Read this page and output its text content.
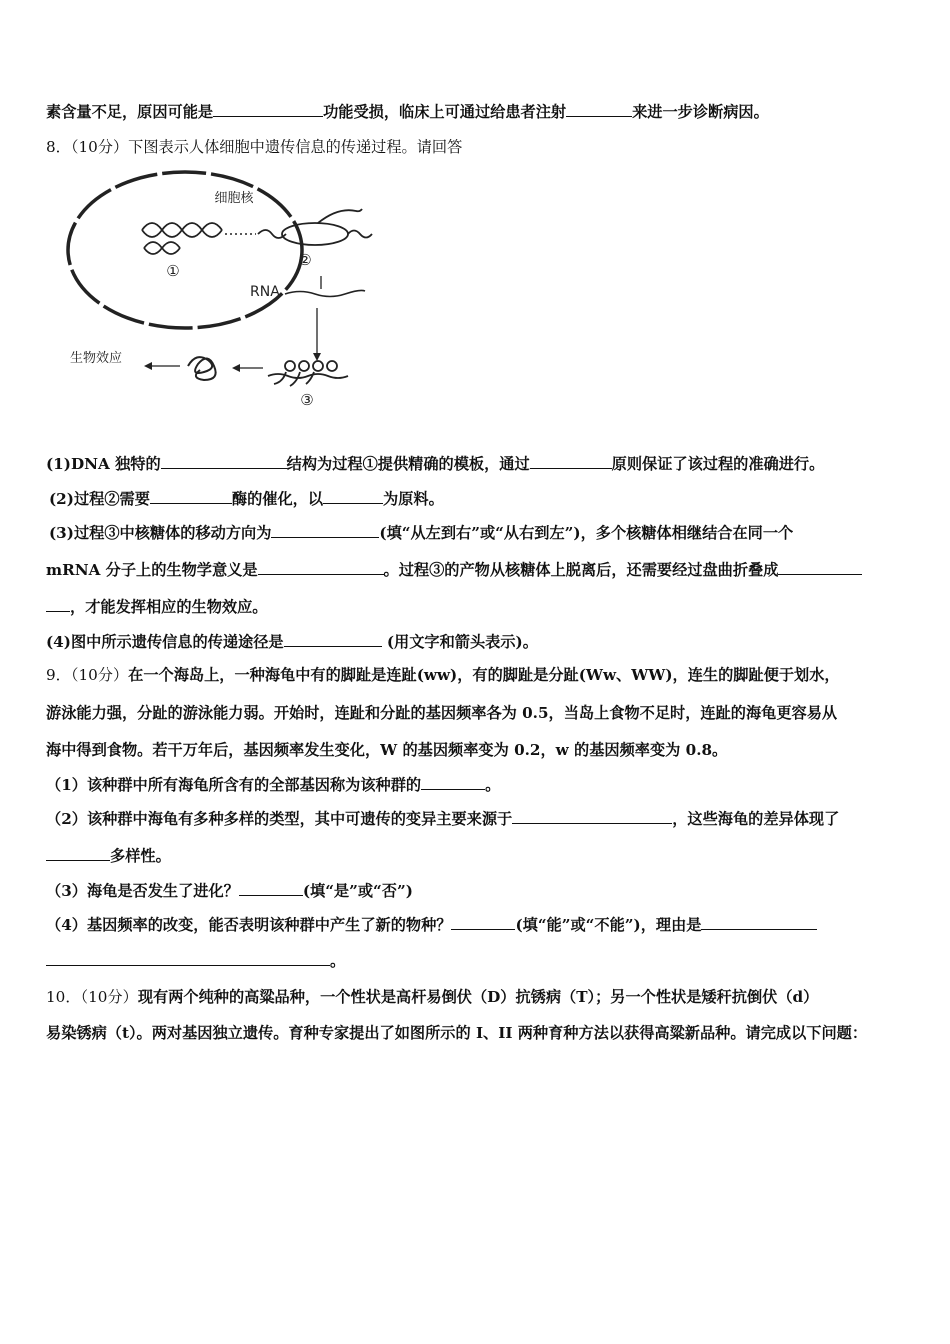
素含量不足，原因可能是	功能受损，临床上可通过给患者注射	来进一步诊断病因。
8．（10分）下图表示人体细胞中遗传信息的传递过程。请回答
细胞核
①
②
RNA
③
生物效应
(1)DNA 独特的	结构为过程①提供精确的模板，通过	原则保证了该过程的准确进行。
(2)过程②需要	酶的催化，以	为原料。
(3)过程③中核糖体的移动方向为	(填“从左到右”或“从右到左”)，多个核糖体相继结合在同一个
mRNA 分子上的生物学意义是	。过程③的产物从核糖体上脱离后，还需要经过盘曲折叠成
，才能发挥相应的生物效应。
(4)图中所示遗传信息的传递途径是	(用文字和箭头表示)。
9．（10分）在一个海岛上，一种海龟中有的脚趾是连趾(ww)，有的脚趾是分趾(Ww、WW)，连生的脚趾便于划水，
游泳能力强，分趾的游泳能力弱。开始时，连趾和分趾的基因频率各为 0.5，当岛上食物不足时，连趾的海龟更容易从
海中得到食物。若干万年后，基因频率发生变化，W 的基因频率变为 0.2，w 的基因频率变为 0.8。
（1）该种群中所有海龟所含有的全部基因称为该种群的	。
（2）该种群中海龟有多种多样的类型，其中可遗传的变异主要来源于	，这些海龟的差异体现了
多样性。
（3）海龟是否发生了进化？	(填“是”或“否”)
（4）基因频率的改变，能否表明该种群中产生了新的物种？	(填“能”或“不能”)，理由是
。
10．（10分）现有两个纯种的高粱品种，一个性状是高杆易倒伏（D）抗锈病（T）；另一个性状是矮秆抗倒伏（d）
易染锈病（t）。两对基因独立遗传。育种专家提出了如图所示的 I、II 两种育种方法以获得高粱新品种。请完成以下问题：
